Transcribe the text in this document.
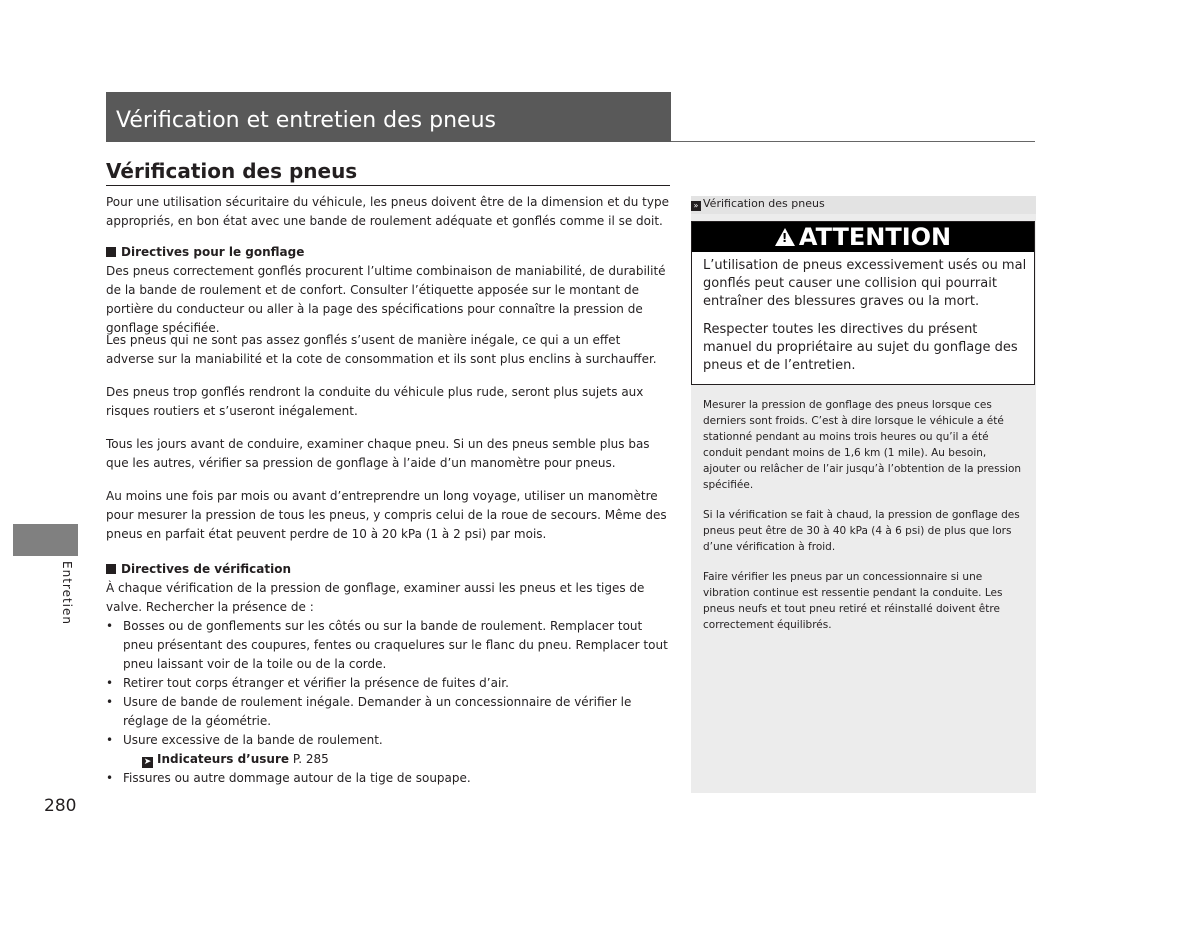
Vérification et entretien des pneus
Vérification des pneus
Pour une utilisation sécuritaire du véhicule, les pneus doivent être de la dimension et du type appropriés, en bon état avec une bande de roulement adéquate et gonflés comme il se doit.
Directives pour le gonflage
Des pneus correctement gonflés procurent l’ultime combinaison de maniabilité, de durabilité de la bande de roulement et de confort. Consulter l’étiquette apposée sur le montant de portière du conducteur ou aller à la page des spécifications pour connaître la pression de gonflage spécifiée.
Les pneus qui ne sont pas assez gonflés s’usent de manière inégale, ce qui a un effet adverse sur la maniabilité et la cote de consommation et ils sont plus enclins à surchauffer.
Des pneus trop gonflés rendront la conduite du véhicule plus rude, seront plus sujets aux risques routiers et s’useront inégalement.
Tous les jours avant de conduire, examiner chaque pneu. Si un des pneus semble plus bas que les autres, vérifier sa pression de gonflage à l’aide d’un manomètre pour pneus.
Au moins une fois par mois ou avant d’entreprendre un long voyage, utiliser un manomètre pour mesurer la pression de tous les pneus, y compris celui de la roue de secours. Même des pneus en parfait état peuvent perdre de 10 à 20 kPa (1 à 2 psi) par mois.
Directives de vérification
À chaque vérification de la pression de gonflage, examiner aussi les pneus et les tiges de valve. Rechercher la présence de :
• Bosses ou de gonflements sur les côtés ou sur la bande de roulement. Remplacer tout pneu présentant des coupures, fentes ou craquelures sur le flanc du pneu. Remplacer tout pneu laissant voir de la toile ou de la corde.
• Retirer tout corps étranger et vérifier la présence de fuites d’air.
• Usure de bande de roulement inégale. Demander à un concessionnaire de vérifier le réglage de la géométrie.
• Usure excessive de la bande de roulement.
➤ Indicateurs d’usure P. 285
• Fissures ou autre dommage autour de la tige de soupape.
Entretien
280
» Vérification des pneus
! ATTENTION
L’utilisation de pneus excessivement usés ou mal gonflés peut causer une collision qui pourrait entraîner des blessures graves ou la mort.
Respecter toutes les directives du présent manuel du propriétaire au sujet du gonflage des pneus et de l’entretien.
Mesurer la pression de gonflage des pneus lorsque ces derniers sont froids. C’est à dire lorsque le véhicule a été stationné pendant au moins trois heures ou qu’il a été conduit pendant moins de 1,6 km (1 mile). Au besoin, ajouter ou relâcher de l’air jusqu’à l’obtention de la pression spécifiée.
Si la vérification se fait à chaud, la pression de gonflage des pneus peut être de 30 à 40 kPa (4 à 6 psi) de plus que lors d’une vérification à froid.
Faire vérifier les pneus par un concessionnaire si une vibration continue est ressentie pendant la conduite. Les pneus neufs et tout pneu retiré et réinstallé doivent être correctement équilibrés.
